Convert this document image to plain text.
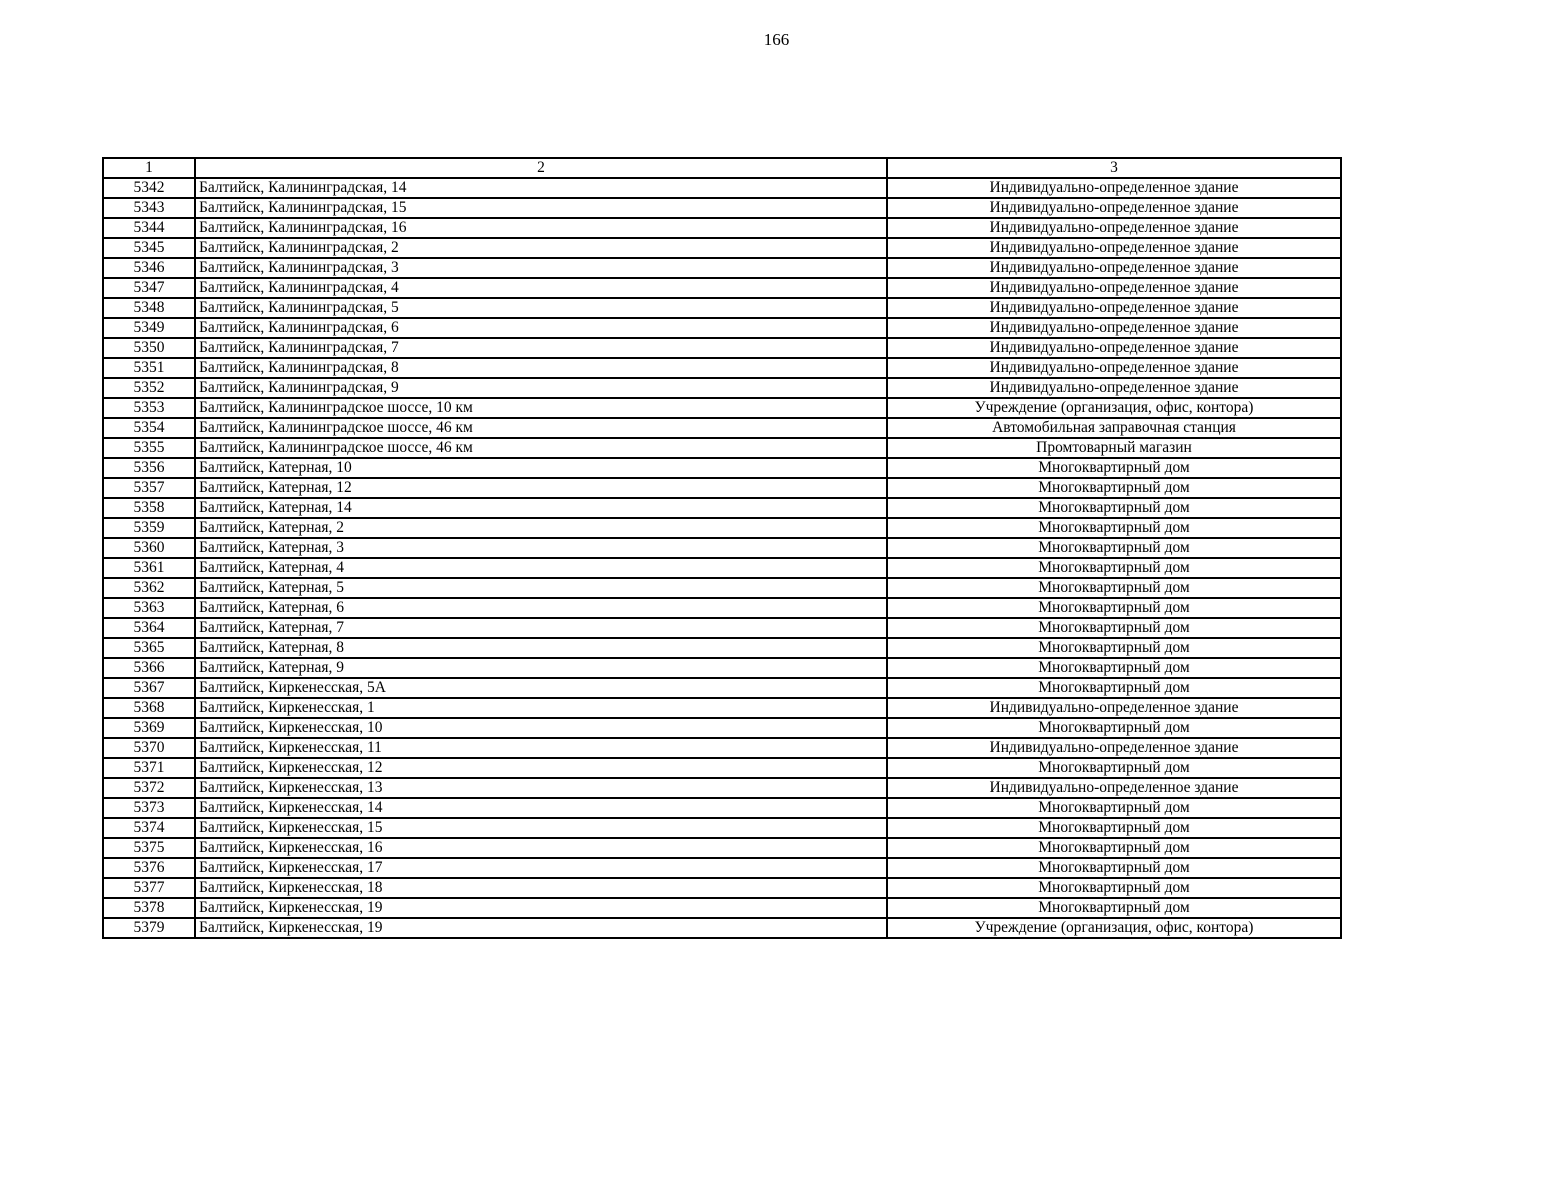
166
1	2	3
5342	Балтийск, Калининградская, 14	Индивидуально-определенное здание
5343	Балтийск, Калининградская, 15	Индивидуально-определенное здание
5344	Балтийск, Калининградская, 16	Индивидуально-определенное здание
5345	Балтийск, Калининградская, 2	Индивидуально-определенное здание
5346	Балтийск, Калининградская, 3	Индивидуально-определенное здание
5347	Балтийск, Калининградская, 4	Индивидуально-определенное здание
5348	Балтийск, Калининградская, 5	Индивидуально-определенное здание
5349	Балтийск, Калининградская, 6	Индивидуально-определенное здание
5350	Балтийск, Калининградская, 7	Индивидуально-определенное здание
5351	Балтийск, Калининградская, 8	Индивидуально-определенное здание
5352	Балтийск, Калининградская, 9	Индивидуально-определенное здание
5353	Балтийск, Калининградское шоссе, 10 км	Учреждение (организация, офис, контора)
5354	Балтийск, Калининградское шоссе, 46 км	Автомобильная заправочная станция
5355	Балтийск, Калининградское шоссе, 46 км	Промтоварный магазин
5356	Балтийск, Катерная, 10	Многоквартирный дом
5357	Балтийск, Катерная, 12	Многоквартирный дом
5358	Балтийск, Катерная, 14	Многоквартирный дом
5359	Балтийск, Катерная, 2	Многоквартирный дом
5360	Балтийск, Катерная, 3	Многоквартирный дом
5361	Балтийск, Катерная, 4	Многоквартирный дом
5362	Балтийск, Катерная, 5	Многоквартирный дом
5363	Балтийск, Катерная, 6	Многоквартирный дом
5364	Балтийск, Катерная, 7	Многоквартирный дом
5365	Балтийск, Катерная, 8	Многоквартирный дом
5366	Балтийск, Катерная, 9	Многоквартирный дом
5367	Балтийск, Киркенесская, 5А	Многоквартирный дом
5368	Балтийск, Киркенесская, 1	Индивидуально-определенное здание
5369	Балтийск, Киркенесская, 10	Многоквартирный дом
5370	Балтийск, Киркенесская, 11	Индивидуально-определенное здание
5371	Балтийск, Киркенесская, 12	Многоквартирный дом
5372	Балтийск, Киркенесская, 13	Индивидуально-определенное здание
5373	Балтийск, Киркенесская, 14	Многоквартирный дом
5374	Балтийск, Киркенесская, 15	Многоквартирный дом
5375	Балтийск, Киркенесская, 16	Многоквартирный дом
5376	Балтийск, Киркенесская, 17	Многоквартирный дом
5377	Балтийск, Киркенесская, 18	Многоквартирный дом
5378	Балтийск, Киркенесская, 19	Многоквартирный дом
5379	Балтийск, Киркенесская, 19	Учреждение (организация, офис, контора)
